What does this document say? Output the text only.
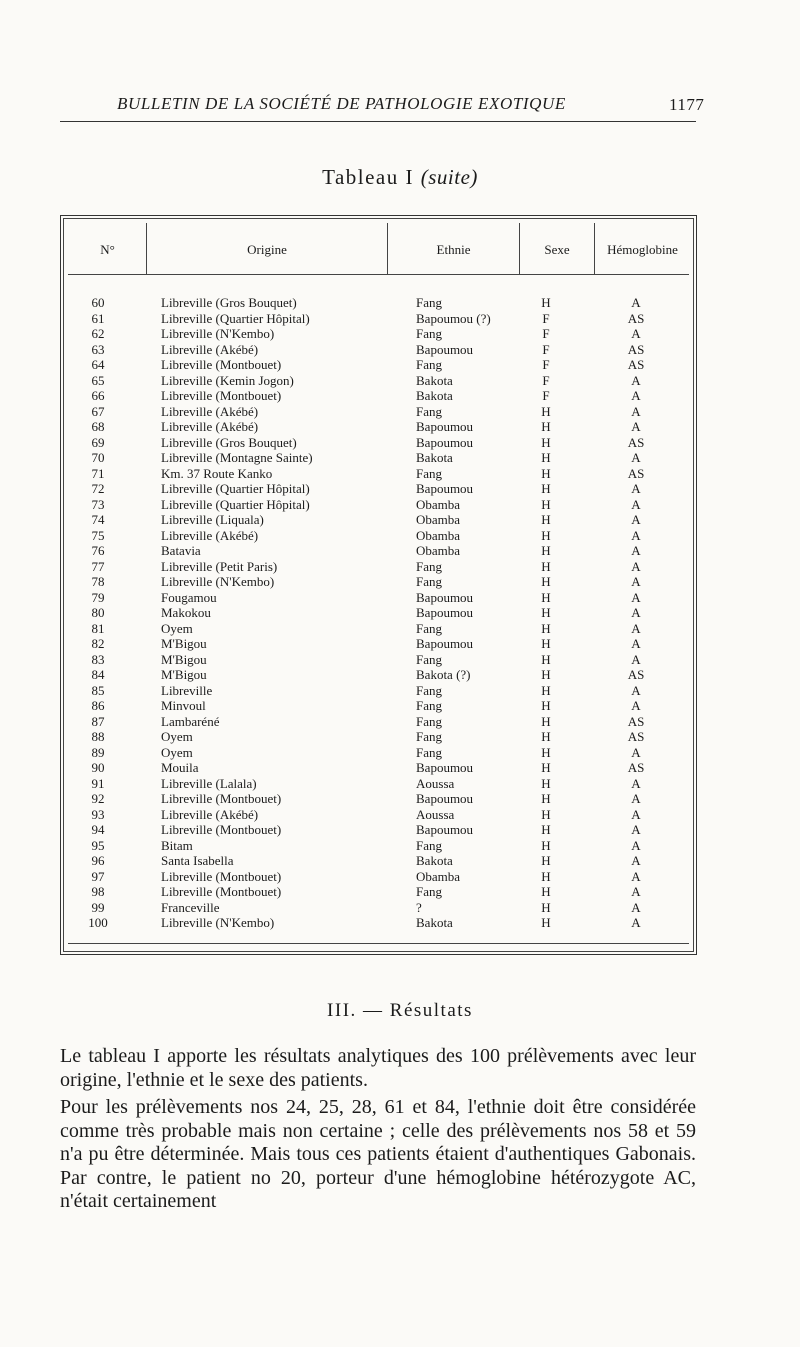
BULLETIN DE LA SOCIÉTÉ DE PATHOLOGIE EXOTIQUE	1177
Tableau I (suite)
N°	Origine	Ethnie	Sexe	Hémoglobine
60	Libreville (Gros Bouquet)	Fang	H	A
61	Libreville (Quartier Hôpital)	Bapoumou (?)	F	AS
62	Libreville (N'Kembo)	Fang	F	A
63	Libreville (Akébé)	Bapoumou	F	AS
64	Libreville (Montbouet)	Fang	F	AS
65	Libreville (Kemin Jogon)	Bakota	F	A
66	Libreville (Montbouet)	Bakota	F	A
67	Libreville (Akébé)	Fang	H	A
68	Libreville (Akébé)	Bapoumou	H	A
69	Libreville (Gros Bouquet)	Bapoumou	H	AS
70	Libreville (Montagne Sainte)	Bakota	H	A
71	Km. 37 Route Kanko	Fang	H	AS
72	Libreville (Quartier Hôpital)	Bapoumou	H	A
73	Libreville (Quartier Hôpital)	Obamba	H	A
74	Libreville (Liquala)	Obamba	H	A
75	Libreville (Akébé)	Obamba	H	A
76	Batavia	Obamba	H	A
77	Libreville (Petit Paris)	Fang	H	A
78	Libreville (N'Kembo)	Fang	H	A
79	Fougamou	Bapoumou	H	A
80	Makokou	Bapoumou	H	A
81	Oyem	Fang	H	A
82	M'Bigou	Bapoumou	H	A
83	M'Bigou	Fang	H	A
84	M'Bigou	Bakota (?)	H	AS
85	Libreville	Fang	H	A
86	Minvoul	Fang	H	A
87	Lambaréné	Fang	H	AS
88	Oyem	Fang	H	AS
89	Oyem	Fang	H	A
90	Mouila	Bapoumou	H	AS
91	Libreville (Lalala)	Aoussa	H	A
92	Libreville (Montbouet)	Bapoumou	H	A
93	Libreville (Akébé)	Aoussa	H	A
94	Libreville (Montbouet)	Bapoumou	H	A
95	Bitam	Fang	H	A
96	Santa Isabella	Bakota	H	A
97	Libreville (Montbouet)	Obamba	H	A
98	Libreville (Montbouet)	Fang	H	A
99	Franceville	?	H	A
100	Libreville (N'Kembo)	Bakota	H	A
III. — Résultats

Le tableau I apporte les résultats analytiques des 100 prélèvements avec leur origine, l'ethnie et le sexe des patients.

Pour les prélèvements nos 24, 25, 28, 61 et 84, l'ethnie doit être considérée comme très probable mais non certaine ; celle des prélèvements nos 58 et 59 n'a pu être déterminée. Mais tous ces patients étaient d'authentiques Gabonais. Par contre, le patient no 20, porteur d'une hémoglobine hétérozygote AC, n'était certainement
